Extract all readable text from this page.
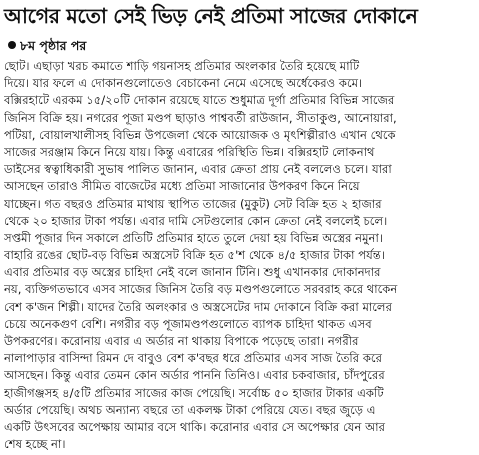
আগের মতো সেই ভিড় নেই প্রতিমা সাজের দোকানে
৮ম পৃষ্ঠার পর
ছোট। এছাড়া খরচ কমাতে শাড়ি গয়নাসহ প্রতিমার অংলকার তৈরি হয়েছে মাটি
দিয়ে। যার ফলে এ দোকানগুলোতেও বেচাকেনা নেমে এসেছে অর্ধেকেরও কমে।
বক্সিরহাটে এরকম ১৫/২০টি দোকান রয়েছে যাতে শুধুমাত্র দূর্গা প্রতিমার বিভিন্ন সাজের
জিনিস বিক্রি হয়। নগরের পূজা মণ্ডপ ছাড়াও পাশ্ববর্তী রাউজান, সীতাকুণ্ড, আনোয়ারা,
পটিয়া, বোয়ালখালীসহ বিভিন্ন উপজেলা থেকে আয়োজক ও মৃৎশিল্পীরাও এখান থেকে
সাজের সরঞ্জাম কিনে নিয়ে যায়। কিন্তু এবারের পরিস্থিতি ভিন্ন। বক্সিরহাট লোকনাথ
ডাইসের স্বত্বাধিকারী সুভাষ পালিত জানান, এবার ক্রেতা প্রায় নেই বললেও চলে। যারা
আসছেন তারাও সীমিত বাজেটের মধ্যে প্রতিমা সাজানোর উপকরণ কিনে নিয়ে
যাচ্ছেন। গত বছরও প্রতিমার মাথায় স্থাপিত তাজের (মুকুট) সেট বিক্রি হত ২ হাজার
থেকে ২০ হাজার টাকা পর্যন্ত। এবার দামি সেটগুলোর কোন ক্রেতা নেই বললেই চলে।
সপ্তমী পূজার দিন সকালে প্রতিটি প্রতিমার হাতে তুলে দেয়া হয় বিভিন্ন অস্ত্রের নমুনা।
বাহারি রঙের ছোট-বড় বিভিন্ন অস্ত্রসেট বিক্রি হত ৫'শ থেকে ৪/৫ হাজার টাকা পর্যন্ত।
এবার প্রতিমার বড় অস্ত্রের চাহিদা নেই বলে জানান টিনি। শুধু এখানকার দোকানদার
নয়, ব্যক্তিগতভাবে এসব সাজের জিনিস তৈরি বড় মণ্ডপগুলোতে সরবরাহ করে থাকেন
বেশ ক'জন শিল্পী। যাদের তৈরি অলংকার ও অস্ত্রসেটের দাম দোকানে বিক্রি করা মালের
চেয়ে অনেকগুণ বেশি। নগরীর বড় পূজামণ্ডপগুলোতে ব্যাপক চাহিদা থাকত এসব
উপকরণের। করোনায় এবার এ অর্ডার না থাকায় বিপাকে পড়েছে তারা। নগরীর
নালাপাড়ার বাসিন্দা রিমন দে বাবুও বেশ ক'বছর ধরে প্রতিমার এসব সাজ তৈরি করে
আসছেন। কিন্তু এবার তেমন কোন অর্ডার পাননি তিনিও। এবার চকবাজার, চাঁদপুরের
হাজীগঞ্জসহ ৪/৫টি প্রতিমার সাজের কাজ পেয়েছি। সর্বোচ্চ ৫০ হাজার টাকার একটি
অর্ডার পেয়েছি। অথচ অন্যান্য বছরে তা একলক্ষ টাকা পেরিয়ে যেত। বছর জুড়ে এ
একটি উৎসবের অপেক্ষায় আমার বসে থাকি। করোনার এবার সে অপেক্ষার যেন আর
শেষ হচ্ছে না।
